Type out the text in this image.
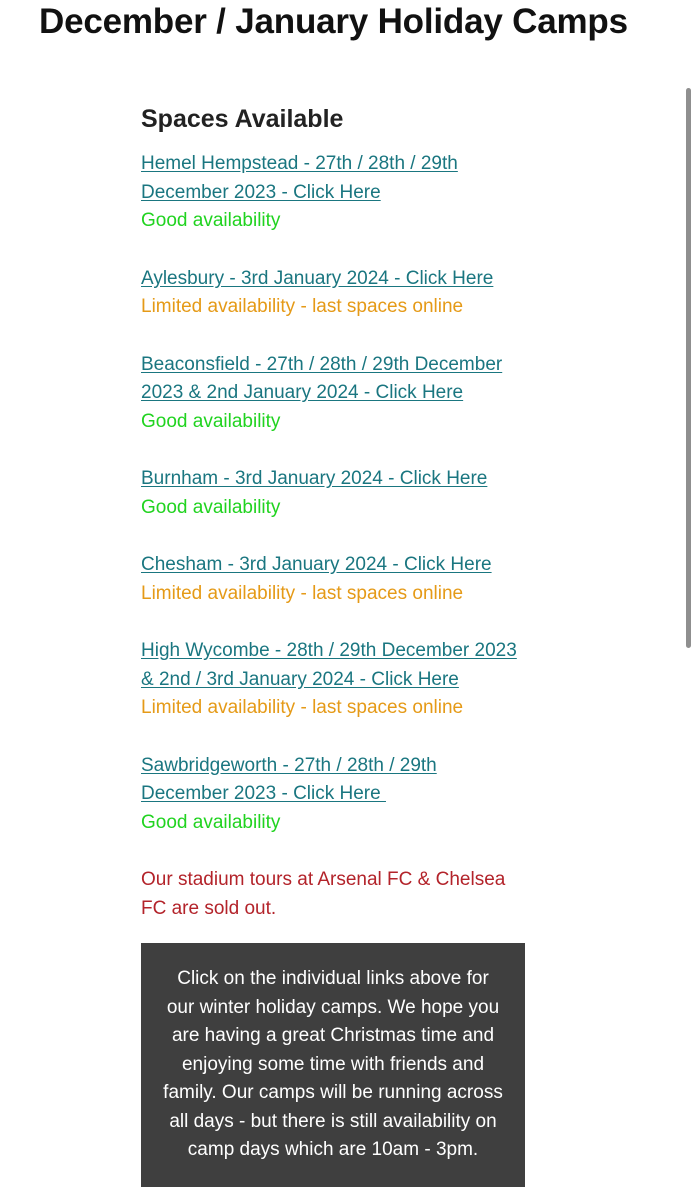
December / January Holiday Camps
Spaces Available
Hemel Hempstead - 27th / 28th / 29th
December 2023 - Click Here
Good availability
Aylesbury - 3rd January 2024 - Click Here
Limited availability - last spaces online
Beaconsfield - 27th / 28th / 29th December
2023 & 2nd January 2024 - Click Here
Good availability
Burnham - 3rd January 2024 - Click Here
Good availability
Chesham - 3rd January 2024 - Click Here
Limited availability - last spaces online
High Wycombe - 28th / 29th December 2023
& 2nd / 3rd January 2024 - Click Here
Limited availability - last spaces online
Sawbridgeworth - 27th / 28th / 29th
December 2023 - Click Here
Good availability
Our stadium tours at Arsenal FC & Chelsea
FC are sold out.
Click on the individual links above for our winter holiday camps. We hope you are having a great Christmas time and enjoying some time with friends and family. Our camps will be running across all days - but there is still availability on camp days which are 10am - 3pm.
